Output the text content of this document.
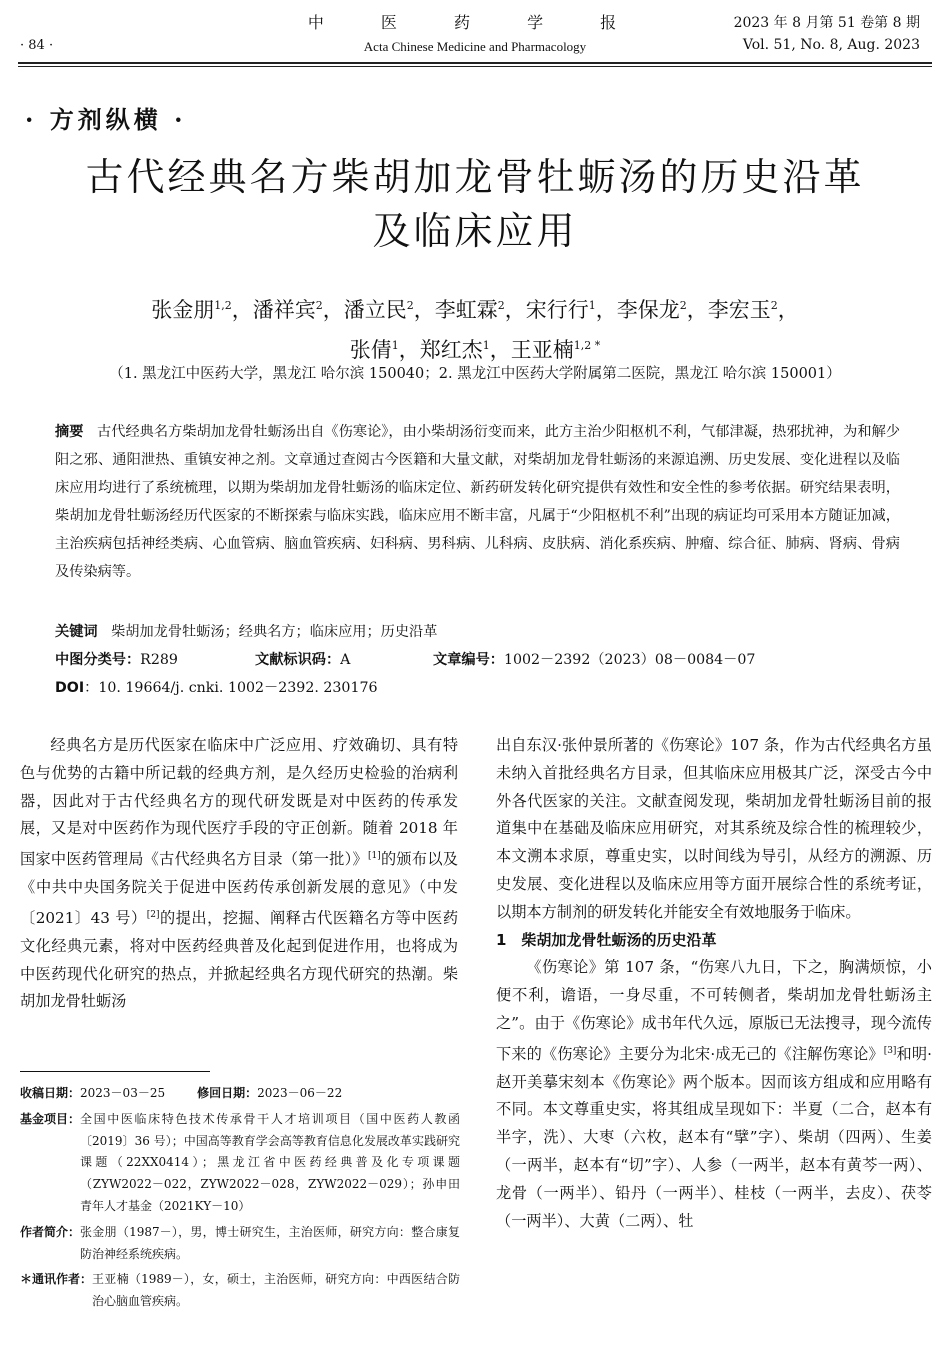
· 84 ·
中 医 药 学 报
Acta Chinese Medicine and Pharmacology
2023 年 8 月第 51 卷第 8 期
Vol. 51, No. 8, Aug. 2023
· 方剂纵横 ·
古代经典名方柴胡加龙骨牡蛎汤的历史沿革
及临床应用
张金朋$^{1,2}$，潘祥宾$^2$，潘立民$^2$，李虹霖$^2$，宋行行$^1$，李保龙$^2$，李宏玉$^2$，
张倩$^1$，郑红杰$^1$，王亚楠$^{1,2 *}$
（1. 黑龙江中医药大学，黑龙江 哈尔滨 150040；2. 黑龙江中医药大学附属第二医院，黑龙江 哈尔滨 150001）
摘要 古代经典名方柴胡加龙骨牡蛎汤出自《伤寒论》，由小柴胡汤衍变而来，此方主治少阳枢机不利，气郁津凝，热邪扰神，为和解少阳之邪、通阳泄热、重镇安神之剂。文章通过查阅古今医籍和大量文献，对柴胡加龙骨牡蛎汤的来源追溯、历史发展、变化进程以及临床应用均进行了系统梳理，以期为柴胡加龙骨牡蛎汤的临床定位、新药研发转化研究提供有效性和安全性的参考依据。研究结果表明，柴胡加龙骨牡蛎汤经历代医家的不断探索与临床实践，临床应用不断丰富，凡属于“少阳枢机不利”出现的病证均可采用本方随证加减，主治疾病包括神经类病、心血管病、脑血管疾病、妇科病、男科病、儿科病、皮肤病、消化系疾病、肿瘤、综合征、肺病、肾病、骨病及传染病等。
关键词 柴胡加龙骨牡蛎汤；经典名方；临床应用；历史沿革
中图分类号：R289	文献标识码：A	文章编号：1002－2392（2023）08－0084－07
DOI：10. 19664/j. cnki. 1002－2392. 230176

经典名方是历代医家在临床中广泛应用、疗效确切、具有特色与优势的古籍中所记载的经典方剂，是久经历史检验的治病利器，因此对于古代经典名方的现代研发既是对中医药的传承发展，又是对中医药作为现代医疗手段的守正创新。随着 2018 年国家中医药管理局《古代经典名方目录（第一批）》[1]的颁布以及《中共中央国务院关于促进中医药传承创新发展的意见》（中发〔2021〕43 号）[2]的提出，挖掘、阐释古代医籍名方等中医药文化经典元素，将对中医药经典普及化起到促进作用，也将成为中医药现代化研究的热点，并掀起经典名方现代研究的热潮。柴胡加龙骨牡蛎汤

收稿日期： 2023－03－25	修回日期： 2023－06－22
基金项目： 全国中医临床特色技术传承骨干人才培训项目（国中医药人教函〔2019〕36 号）；中国高等教育学会高等教育信息化发展改革实践研究课题（22XX0414）；黑龙江省中医药经典普及化专项课题（ZYW2022－022，ZYW2022－028，ZYW2022－029）；孙申田青年人才基金（2021KY－10）
作者简介： 张金朋（1987－），男，博士研究生，主治医师，研究方向：整合康复防治神经系统疾病。
＊通讯作者： 王亚楠（1989－），女，硕士，主治医师，研究方向：中西医结合防治心脑血管疾病。

出自东汉·张仲景所著的《伤寒论》107 条，作为古代经典名方虽未纳入首批经典名方目录，但其临床应用极其广泛，深受古今中外各代医家的关注。文献查阅发现，柴胡加龙骨牡蛎汤目前的报道集中在基础及临床应用研究，对其系统及综合性的梳理较少，本文溯本求原，尊重史实，以时间线为导引，从经方的溯源、历史发展、变化进程以及临床应用等方面开展综合性的系统考证，以期本方制剂的研发转化并能安全有效地服务于临床。

1　柴胡加龙骨牡蛎汤的历史沿革

《伤寒论》第 107 条，“伤寒八九日，下之，胸满烦惊，小便不利，谵语，一身尽重，不可转侧者，柴胡加龙骨牡蛎汤主之”。由于《伤寒论》成书年代久远，原版已无法搜寻，现今流传下来的《伤寒论》主要分为北宋·成无己的《注解伤寒论》[3]和明·赵开美摹宋刻本《伤寒论》两个版本。因而该方组成和应用略有不同。本文尊重史实，将其组成呈现如下：半夏（二合，赵本有半字，洗）、大枣（六枚，赵本有“擘”字）、柴胡（四两）、生姜（一两半，赵本有“切”字）、人参（一两半，赵本有黄芩一两）、龙骨（一两半）、铅丹（一两半）、桂枝（一两半，去皮）、茯苓（一两半）、大黄（二两）、牡
